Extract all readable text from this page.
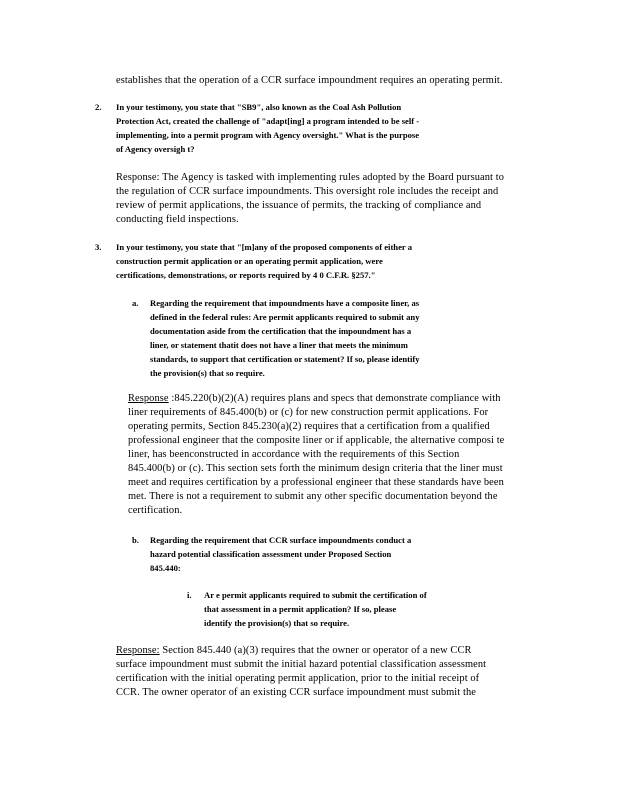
establishes that the operation of a CCR surface impoundment requires an operating permit.
2. In your testimony, you state that "SB9", also known as the Coal Ash Pollution
Protection Act, created the challenge of "adapt[ing] a program intended to be self -
implementing, into a permit program with Agency oversight." What is the purpose
of Agency oversigh t?
Response: The Agency is tasked with implementing rules adopted by the Board pursuant to
the regulation of CCR surface impoundments. This oversight role includes the receipt and
review of permit applications, the issuance of permits, the tracking of compliance and
conducting field inspections.
3. In your testimony, you state that "[m]any of the proposed components of either a
construction permit application or an operating permit application, were
certifications, demonstrations, or reports required by 4 0 C.F.R. §257."
a. Regarding the requirement that impoundments have a composite liner, as
defined in the federal rules: Are permit applicants required to submit any
documentation aside from the certification that the impoundment has a
liner, or statement thatit does not have a liner that meets the minimum
standards, to support that certification or statement? If so, please identify
the provision(s) that so require.
Response :845.220(b)(2)(A) requires plans and specs that demonstrate compliance with
liner requirements of 845.400(b) or (c) for new construction permit applications. For
operating permits, Section 845.230(a)(2) requires that a certification from a qualified
professional engineer that the composite liner or if applicable, the alternative composi te
liner, has beenconstructed in accordance with the requirements of this Section
845.400(b) or (c). This section sets forth the minimum design criteria that the liner must
meet and requires certification by a professional engineer that these standards have been
met. There is not a requirement to submit any other specific documentation beyond the
certification.
b. Regarding the requirement that CCR surface impoundments conduct a
hazard potential classification assessment under Proposed Section
845.440:
i. Ar e permit applicants required to submit the certification of
that assessment in a permit application? If so, please
identify the provision(s) that so require.
Response: Section 845.440 (a)(3) requires that the owner or operator of a new CCR
surface impoundment must submit the initial hazard potential classification assessment
certification with the initial operating permit application, prior to the initial receipt of
CCR. The owner operator of an existing CCR surface impoundment must submit the
